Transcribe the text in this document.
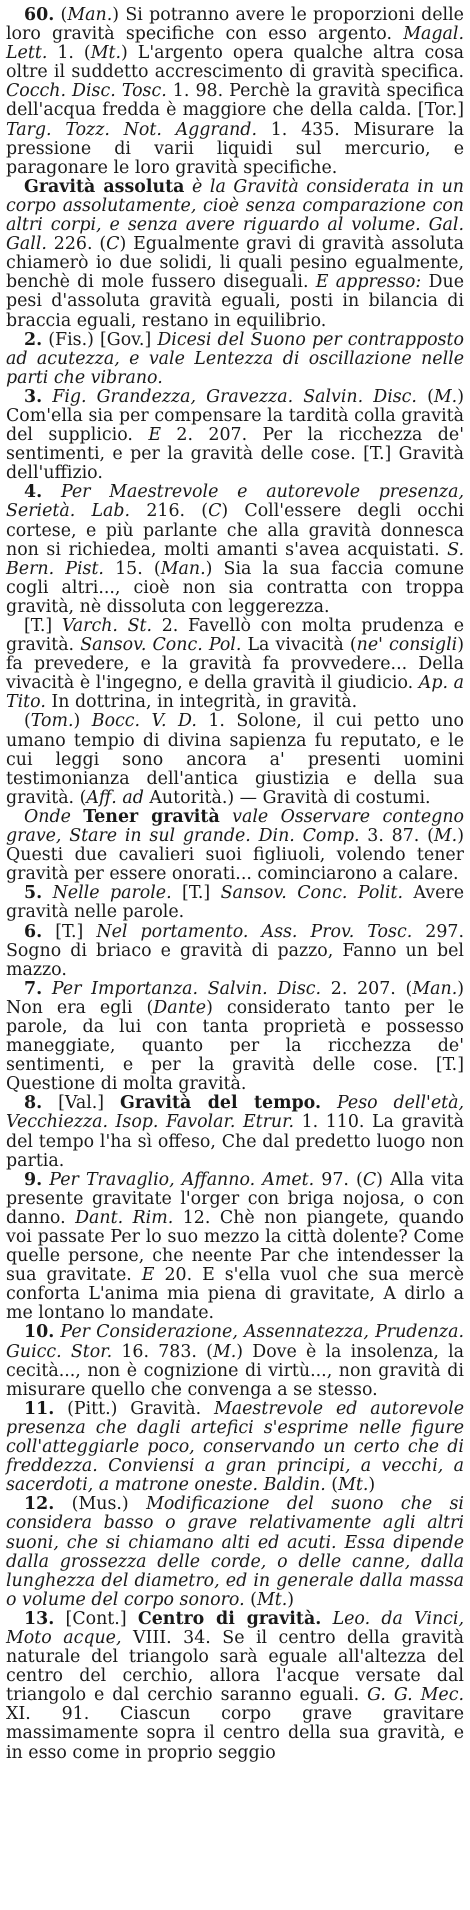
60. (Man.) Si potranno avere le proporzioni delle loro gravità specifiche con esso argento. Magal. Lett. 1. (Mt.) L'argento opera qualche altra cosa oltre il suddetto accrescimento di gravità specifica. Cocch. Disc. Tosc. 1. 98. Perchè la gravità specifica dell'acqua fredda è maggiore che della calda. [Tor.] Targ. Tozz. Not. Aggrand. 1. 435. Misurare la pressione di varii liquidi sul mercurio, e paragonare le loro gravità specifiche.

Gravità assoluta è la Gravità considerata in un corpo assolutamente, cioè senza comparazione con altri corpi, e senza avere riguardo al volume. Gal. Gall. 226. (C) Egualmente gravi di gravità assoluta chiamerò io due solidi, li quali pesino egualmente, benchè di mole fussero diseguali. E appresso: Due pesi d'assoluta gravità eguali, posti in bilancia di braccia eguali, restano in equilibrio.

2. (Fis.) [Gov.] Dicesi del Suono per contrapposto ad acutezza, e vale Lentezza di oscillazione nelle parti che vibrano.

3. Fig. Grandezza, Gravezza. Salvin. Disc. (M.) Com'ella sia per compensare la tardità colla gravità del supplicio. E 2. 207. Per la ricchezza de' sentimenti, e per la gravità delle cose. [T.] Gravità dell'uffizio.

4. Per Maestrevole e autorevole presenza, Serietà. Lab. 216. (C) Coll'essere degli occhi cortese, e più parlante che alla gravità donnesca non si richiedea, molti amanti s'avea acquistati. S. Bern. Pist. 15. (Man.) Sia la sua faccia comune cogli altri..., cioè non sia contratta con troppa gravità, nè dissoluta con leggerezza.

[T.] Varch. St. 2. Favellò con molta prudenza e gravità. Sansov. Conc. Pol. La vivacità (ne' consigli) fa prevedere, e la gravità fa provvedere... Della vivacità è l'ingegno, e della gravità il giudicio. Ap. a Tito. In dottrina, in integrità, in gravità.

(Tom.) Bocc. V. D. 1. Solone, il cui petto uno umano tempio di divina sapienza fu reputato, e le cui leggi sono ancora a' presenti uomini testimonianza dell'antica giustizia e della sua gravità. (Aff. ad Autorità.) — Gravità di costumi.

Onde Tener gravità vale Osservare contegno grave, Stare in sul grande. Din. Comp. 3. 87. (M.) Questi due cavalieri suoi figliuoli, volendo tener gravità per essere onorati... cominciarono a calare.

5. Nelle parole. [T.] Sansov. Conc. Polit. Avere gravità nelle parole.

6. [T.] Nel portamento. Ass. Prov. Tosc. 297. Sogno di briaco e gravità di pazzo, Fanno un bel mazzo.

7. Per Importanza. Salvin. Disc. 2. 207. (Man.) Non era egli (Dante) considerato tanto per le parole, da lui con tanta proprietà e possesso maneggiate, quanto per la ricchezza de' sentimenti, e per la gravità delle cose. [T.] Questione di molta gravità.

8. [Val.] Gravità del tempo. Peso dell'età, Vecchiezza. Isop. Favolar. Etrur. 1. 110. La gravità del tempo l'ha sì offeso, Che dal predetto luogo non partia.

9. Per Travaglio, Affanno. Amet. 97. (C) Alla vita presente gravitate l'orger con briga nojosa, o con danno. Dant. Rim. 12. Chè non piangete, quando voi passate Per lo suo mezzo la città dolente? Come quelle persone, che neente Par che intendesser la sua gravitate. E 20. E s'ella vuol che sua mercè conforta L'anima mia piena di gravitate, A dirlo a me lontano lo mandate.

10. Per Considerazione, Assennatezza, Prudenza. Guicc. Stor. 16. 783. (M.) Dove è la insolenza, la cecità..., non è cognizione di virtù..., non gravità di misurare quello che convenga a se stesso.

11. (Pitt.) Gravità. Maestrevole ed autorevole presenza che dagli artefici s'esprime nelle figure coll'atteggiarle poco, conservando un certo che di freddezza. Conviensi a gran principi, a vecchi, a sacerdoti, a matrone oneste. Baldin. (Mt.)

12. (Mus.) Modificazione del suono che si considera basso o grave relativamente agli altri suoni, che si chiamano alti ed acuti. Essa dipende dalla grossezza delle corde, o delle canne, dalla lunghezza del diametro, ed in generale dalla massa o volume del corpo sonoro. (Mt.)

13. [Cont.] Centro di gravità. Leo. da Vinci, Moto acque, VIII. 34. Se il centro della gravità naturale del triangolo sarà eguale all'altezza del centro del cerchio, allora l'acque versate dal triangolo e dal cerchio saranno eguali. G. G. Mec. XI. 91. Ciascun corpo grave gravitare massimamente sopra il centro della sua gravità, e in esso come in proprio seggio
